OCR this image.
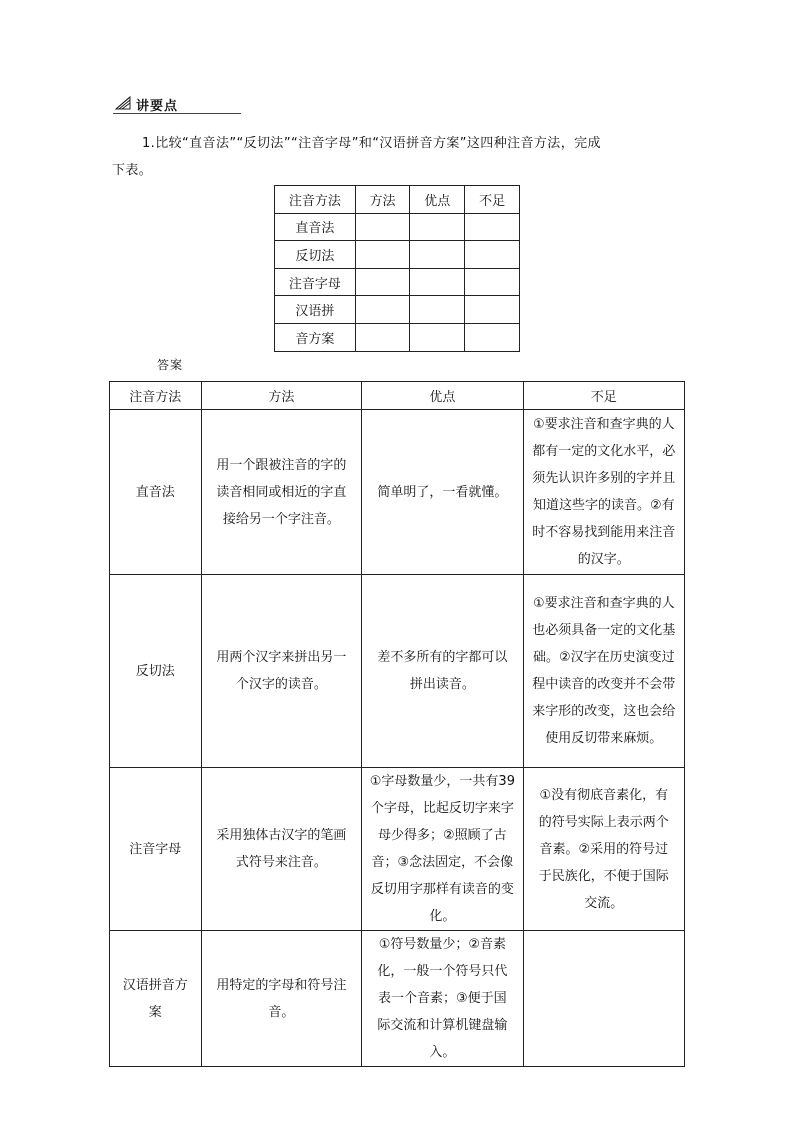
讲要点
1.比较“直音法”“反切法”“注音字母”和“汉语拼音方案”这四种注音方法，完成
下表。
注音方法	方法	优点	不足
直音法			
反切法			
注音字母			
汉语拼			
音方案			
答案
注音方法	方法	优点	不足
直音法	用一个跟被注音的字的读音相同或相近的字直接给另一个字注音。	简单明了，一看就懂。	①要求注音和查字典的人都有一定的文化水平，必须先认识许多别的字并且知道这些字的读音。②有时不容易找到能用来注音的汉字。
反切法	用两个汉字来拼出另一个汉字的读音。	差不多所有的字都可以拼出读音。	①要求注音和查字典的人也必须具备一定的文化基础。②汉字在历史演变过程中读音的改变并不会带来字形的改变，这也会给使用反切带来麻烦。
注音字母	采用独体古汉字的笔画式符号来注音。	①字母数量少，一共有39个字母，比起反切字来字母少得多；②照顾了古音；③念法固定，不会像反切用字那样有读音的变化。	①没有彻底音素化，有的符号实际上表示两个音素。②采用的符号过于民族化，不便于国际交流。
汉语拼音方案	用特定的字母和符号注音。	①符号数量少；②音素化，一般一个符号只代表一个音素；③便于国际交流和计算机键盘输入。	
